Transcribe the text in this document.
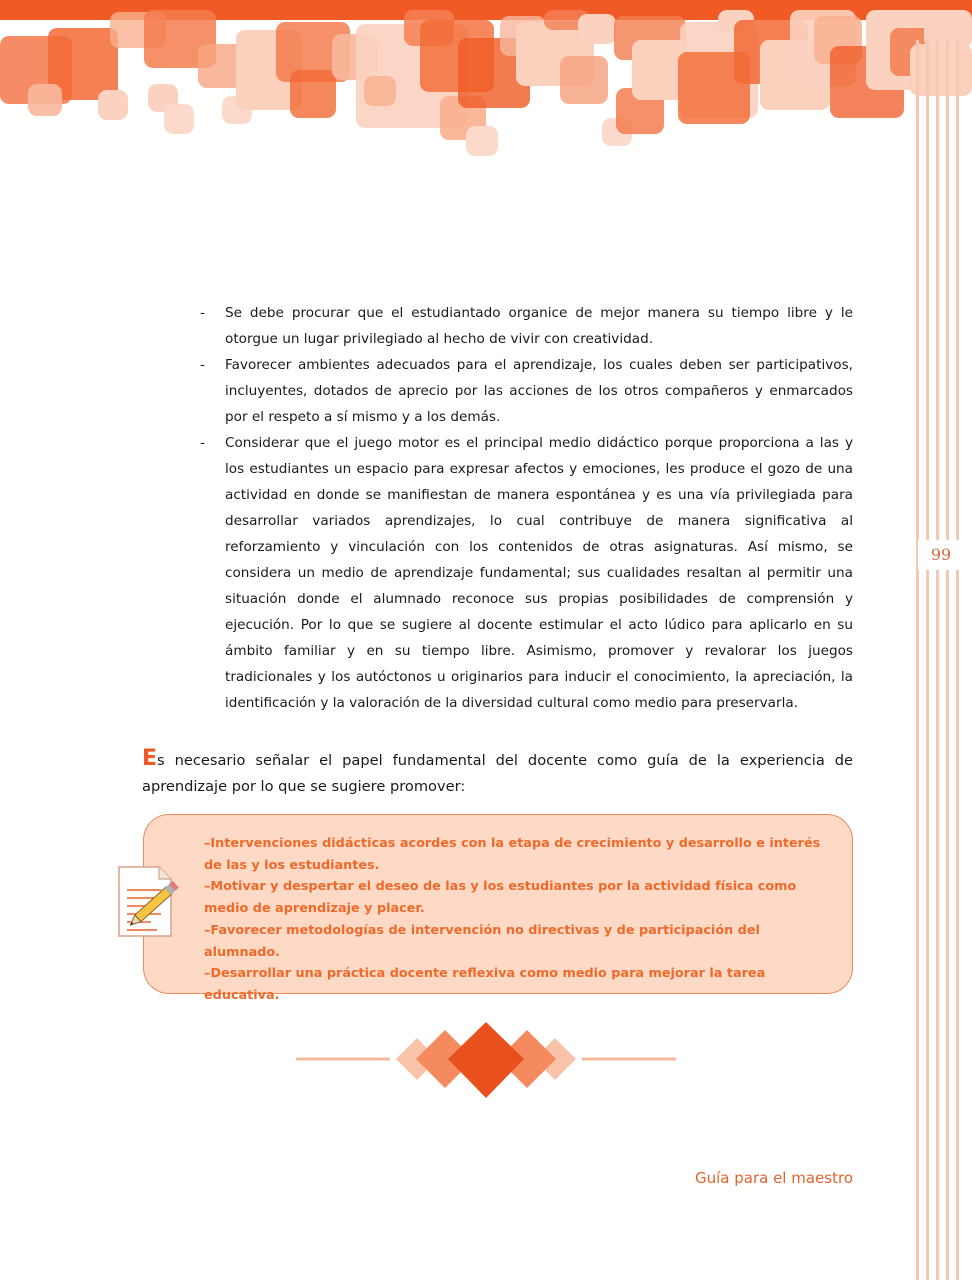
99
- Se debe procurar que el estudiantado organice de mejor manera su tiempo libre y le otorgue un lugar privilegiado al hecho de vivir con creatividad.
- Favorecer ambientes adecuados para el aprendizaje, los cuales deben ser participativos, incluyentes, dotados de aprecio por las acciones de los otros compañeros y enmarcados por el respeto a sí mismo y a los demás.
- Considerar que el juego motor es el principal medio didáctico porque proporciona a las y los estudiantes un espacio para expresar afectos y emociones, les produce el gozo de una actividad en donde se manifiestan de manera espontánea y es una vía privilegiada para desarrollar variados aprendizajes, lo cual contribuye de manera significativa al reforzamiento y vinculación con los contenidos de otras asignaturas. Así mismo, se considera un medio de aprendizaje fundamental; sus cualidades resaltan al permitir una situación donde el alumnado reconoce sus propias posibilidades de comprensión y ejecución. Por lo que se sugiere al docente estimular el acto lúdico para aplicarlo en su ámbito familiar y en su tiempo libre. Asimismo, promover y revalorar los juegos tradicionales y los autóctonos u originarios para inducir el conocimiento, la apreciación, la identificación y la valoración de la diversidad cultural como medio para preservarla.

Es necesario señalar el papel fundamental del docente como guía de la experiencia de aprendizaje por lo que se sugiere promover:

–Intervenciones didácticas acordes con la etapa de crecimiento y desarrollo e interés de las y los estudiantes.
–Motivar y despertar el deseo de las y los estudiantes por la actividad física como medio de aprendizaje y placer.
–Favorecer metodologías de intervención no directivas y de participación del alumnado.
–Desarrollar una práctica docente reflexiva como medio para mejorar la tarea educativa.
Guía para el maestro
